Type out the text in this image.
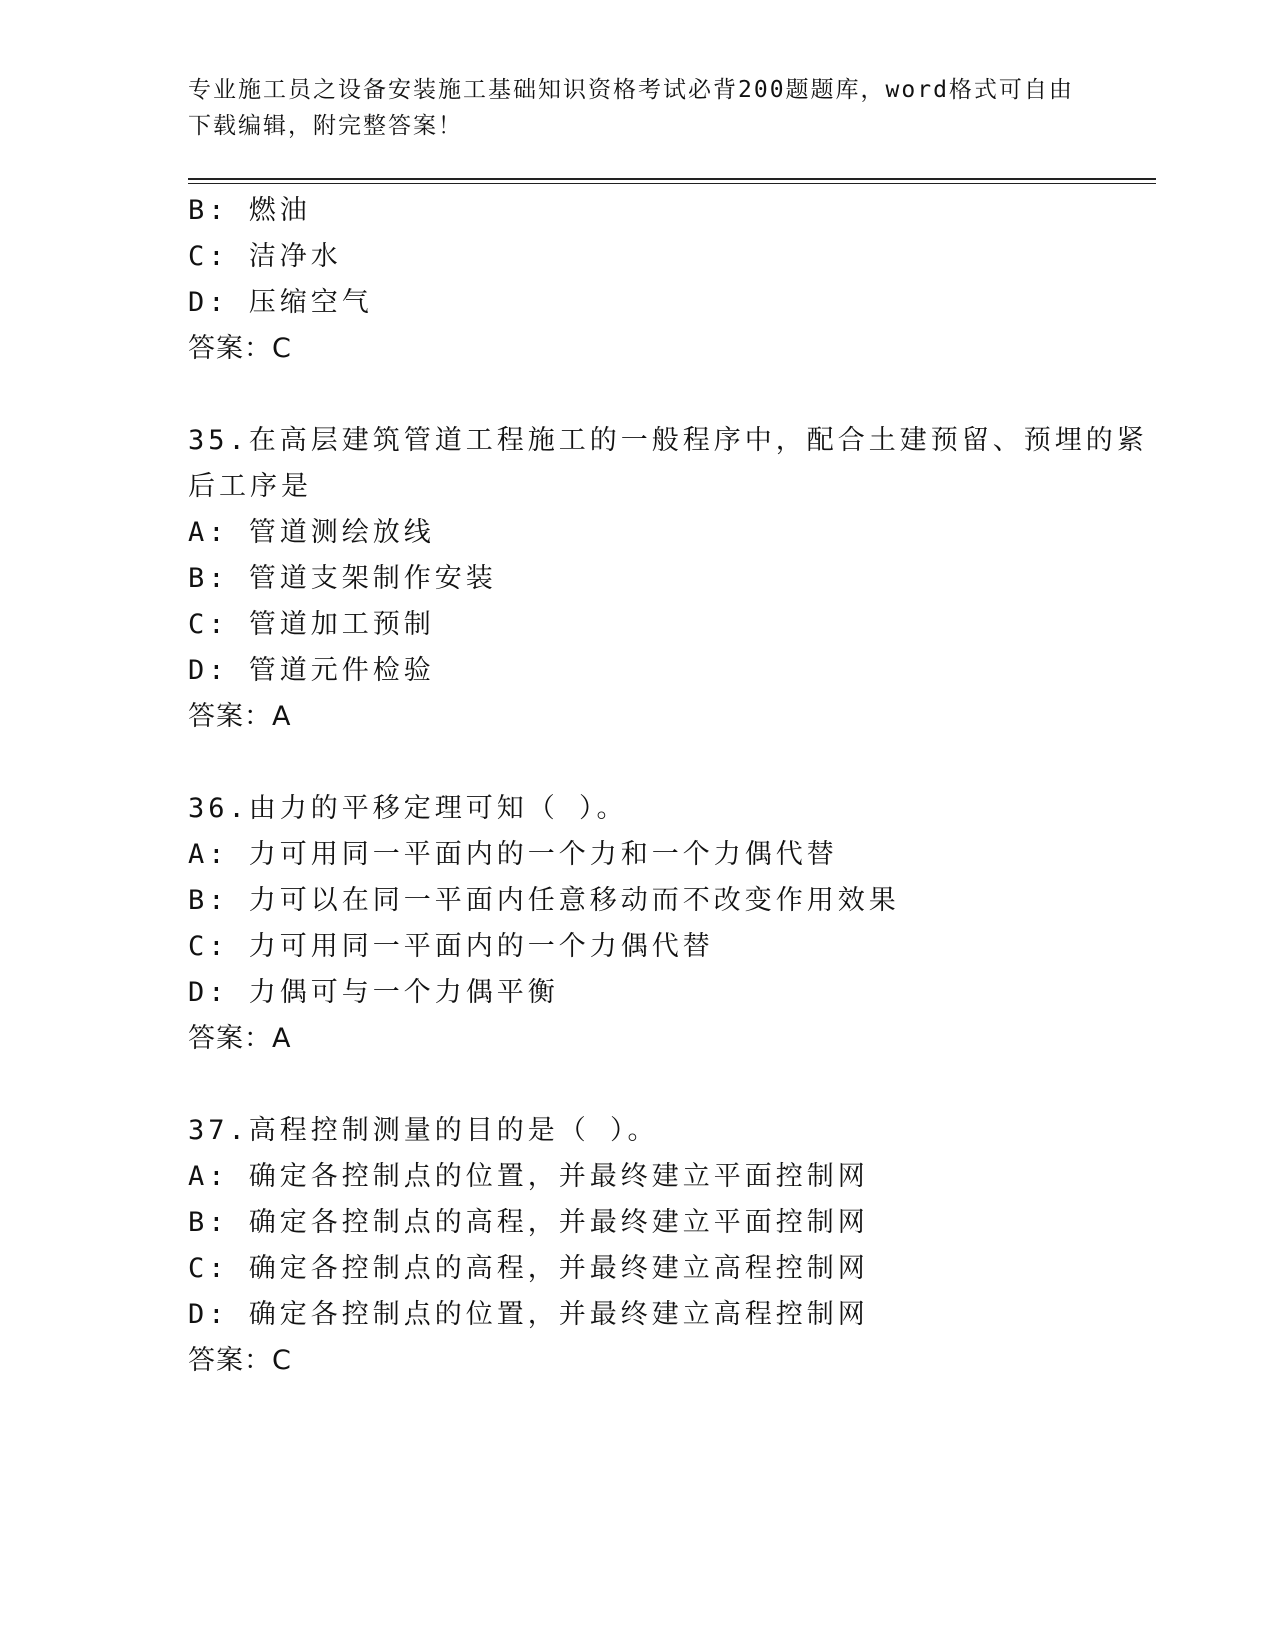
专业施工员之设备安装施工基础知识资格考试必背200题题库，word格式可自由
下载编辑，附完整答案！
B: 燃油
C: 洁净水
D: 压缩空气
答案：C
35.在高层建筑管道工程施工的一般程序中，配合土建预留、预埋的紧
后工序是
A: 管道测绘放线
B: 管道支架制作安装
C: 管道加工预制
D: 管道元件检验
答案：A
36.由力的平移定理可知（ ）。
A: 力可用同一平面内的一个力和一个力偶代替
B: 力可以在同一平面内任意移动而不改变作用效果
C: 力可用同一平面内的一个力偶代替
D: 力偶可与一个力偶平衡
答案：A
37.高程控制测量的目的是（ ）。
A: 确定各控制点的位置，并最终建立平面控制网
B: 确定各控制点的高程，并最终建立平面控制网
C: 确定各控制点的高程，并最终建立高程控制网
D: 确定各控制点的位置，并最终建立高程控制网
答案：C
